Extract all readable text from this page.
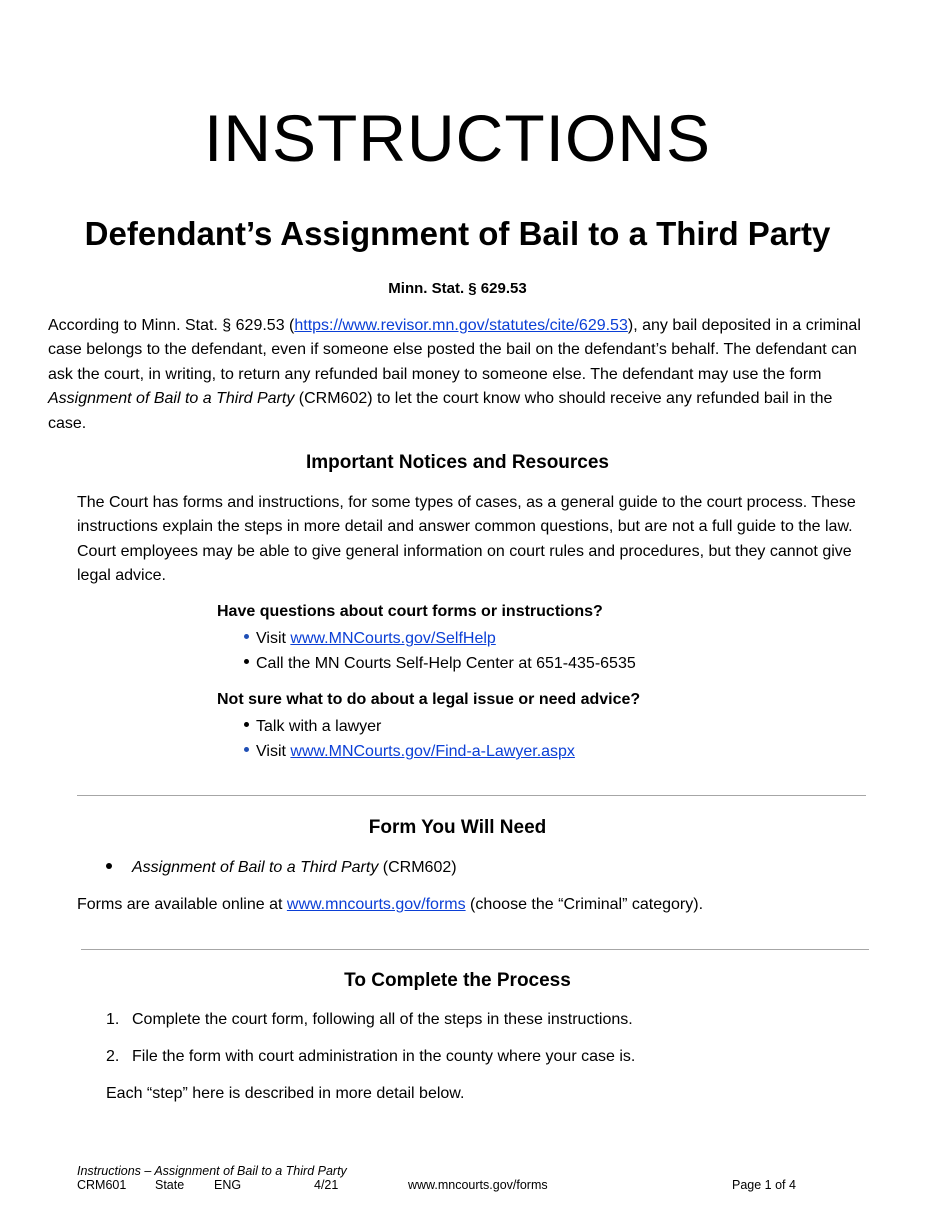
INSTRUCTIONS
Defendant’s Assignment of Bail to a Third Party
Minn. Stat. § 629.53
According to Minn. Stat. § 629.53 (https://www.revisor.mn.gov/statutes/cite/629.53), any bail deposited in a criminal case belongs to the defendant, even if someone else posted the bail on the defendant’s behalf. The defendant can ask the court, in writing, to return any refunded bail money to someone else. The defendant may use the form Assignment of Bail to a Third Party (CRM602) to let the court know who should receive any refunded bail in the case.
Important Notices and Resources
The Court has forms and instructions, for some types of cases, as a general guide to the court process. These instructions explain the steps in more detail and answer common questions, but are not a full guide to the law. Court employees may be able to give general information on court rules and procedures, but they cannot give legal advice.
Have questions about court forms or instructions?
Visit www.MNCourts.gov/SelfHelp
Call the MN Courts Self-Help Center at 651-435-6535
Not sure what to do about a legal issue or need advice?
Talk with a lawyer
Visit www.MNCourts.gov/Find-a-Lawyer.aspx
Form You Will Need
Assignment of Bail to a Third Party (CRM602)
Forms are available online at www.mncourts.gov/forms (choose the “Criminal” category).
To Complete the Process
1. Complete the court form, following all of the steps in these instructions.
2. File the form with court administration in the county where your case is.
Each “step” here is described in more detail below.
Instructions – Assignment of Bail to a Third Party
CRM601 State ENG	4/21	www.mncourts.gov/forms	Page 1 of 4
